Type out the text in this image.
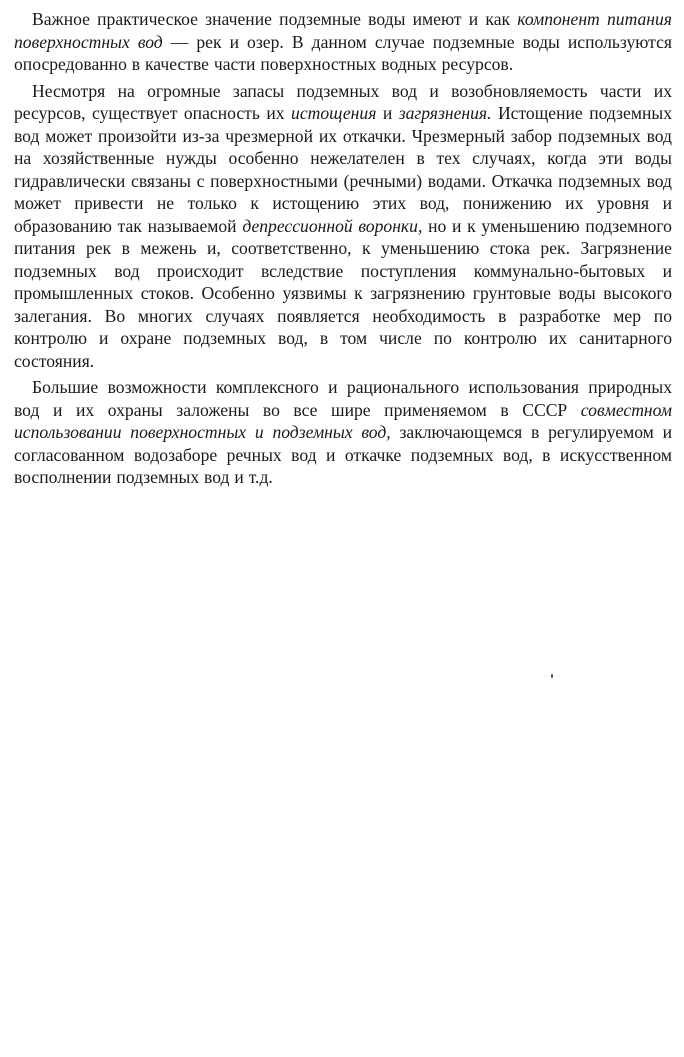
Важное практическое значение подземные воды имеют и как компонент питания поверхностных вод — рек и озер. В данном случае подземные воды используются опосредованно в качестве части поверхностных водных ресурсов.

Несмотря на огромные запасы подземных вод и возобновляемость части их ресурсов, существует опасность их истощения и загрязнения. Истощение подземных вод может произойти из-за чрезмерной их откачки. Чрезмерный забор подземных вод на хозяйственные нужды особенно нежелателен в тех случаях, когда эти воды гидравлически связаны с поверхностными (речными) водами. Откачка подземных вод может привести не только к истощению этих вод, понижению их уровня и образованию так называемой депрессионной воронки, но и к уменьшению подземного питания рек в межень и, соответственно, к уменьшению стока рек. Загрязнение подземных вод происходит вследствие поступления коммунально-бытовых и промышленных стоков. Особенно уязвимы к загрязнению грунтовые воды высокого залегания. Во многих случаях появляется необходимость в разработке мер по контролю и охране подземных вод, в том числе по контролю их санитарного состояния.

Большие возможности комплексного и рационального использования природных вод и их охраны заложены во все шире применяемом в СССР совместном использовании поверхностных и подземных вод, заключающемся в регулируемом и согласованном водозаборе речных вод и откачке подземных вод, в искусственном восполнении подземных вод и т.д.
